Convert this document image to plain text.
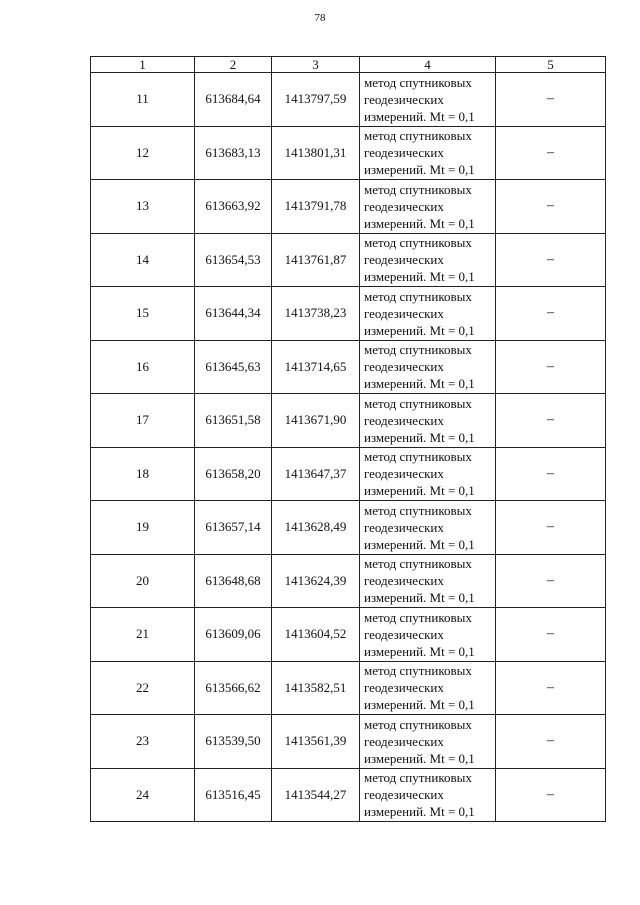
78
1	2	3	4	5
11	613684,64	1413797,59	метод спутниковых геодезических измерений. Mt = 0,1	–
12	613683,13	1413801,31	метод спутниковых геодезических измерений. Mt = 0,1	–
13	613663,92	1413791,78	метод спутниковых геодезических измерений. Mt = 0,1	–
14	613654,53	1413761,87	метод спутниковых геодезических измерений. Mt = 0,1	–
15	613644,34	1413738,23	метод спутниковых геодезических измерений. Mt = 0,1	–
16	613645,63	1413714,65	метод спутниковых геодезических измерений. Mt = 0,1	–
17	613651,58	1413671,90	метод спутниковых геодезических измерений. Mt = 0,1	–
18	613658,20	1413647,37	метод спутниковых геодезических измерений. Mt = 0,1	–
19	613657,14	1413628,49	метод спутниковых геодезических измерений. Mt = 0,1	–
20	613648,68	1413624,39	метод спутниковых геодезических измерений. Mt = 0,1	–
21	613609,06	1413604,52	метод спутниковых геодезических измерений. Mt = 0,1	–
22	613566,62	1413582,51	метод спутниковых геодезических измерений. Mt = 0,1	–
23	613539,50	1413561,39	метод спутниковых геодезических измерений. Mt = 0,1	–
24	613516,45	1413544,27	метод спутниковых геодезических измерений. Mt = 0,1	–
